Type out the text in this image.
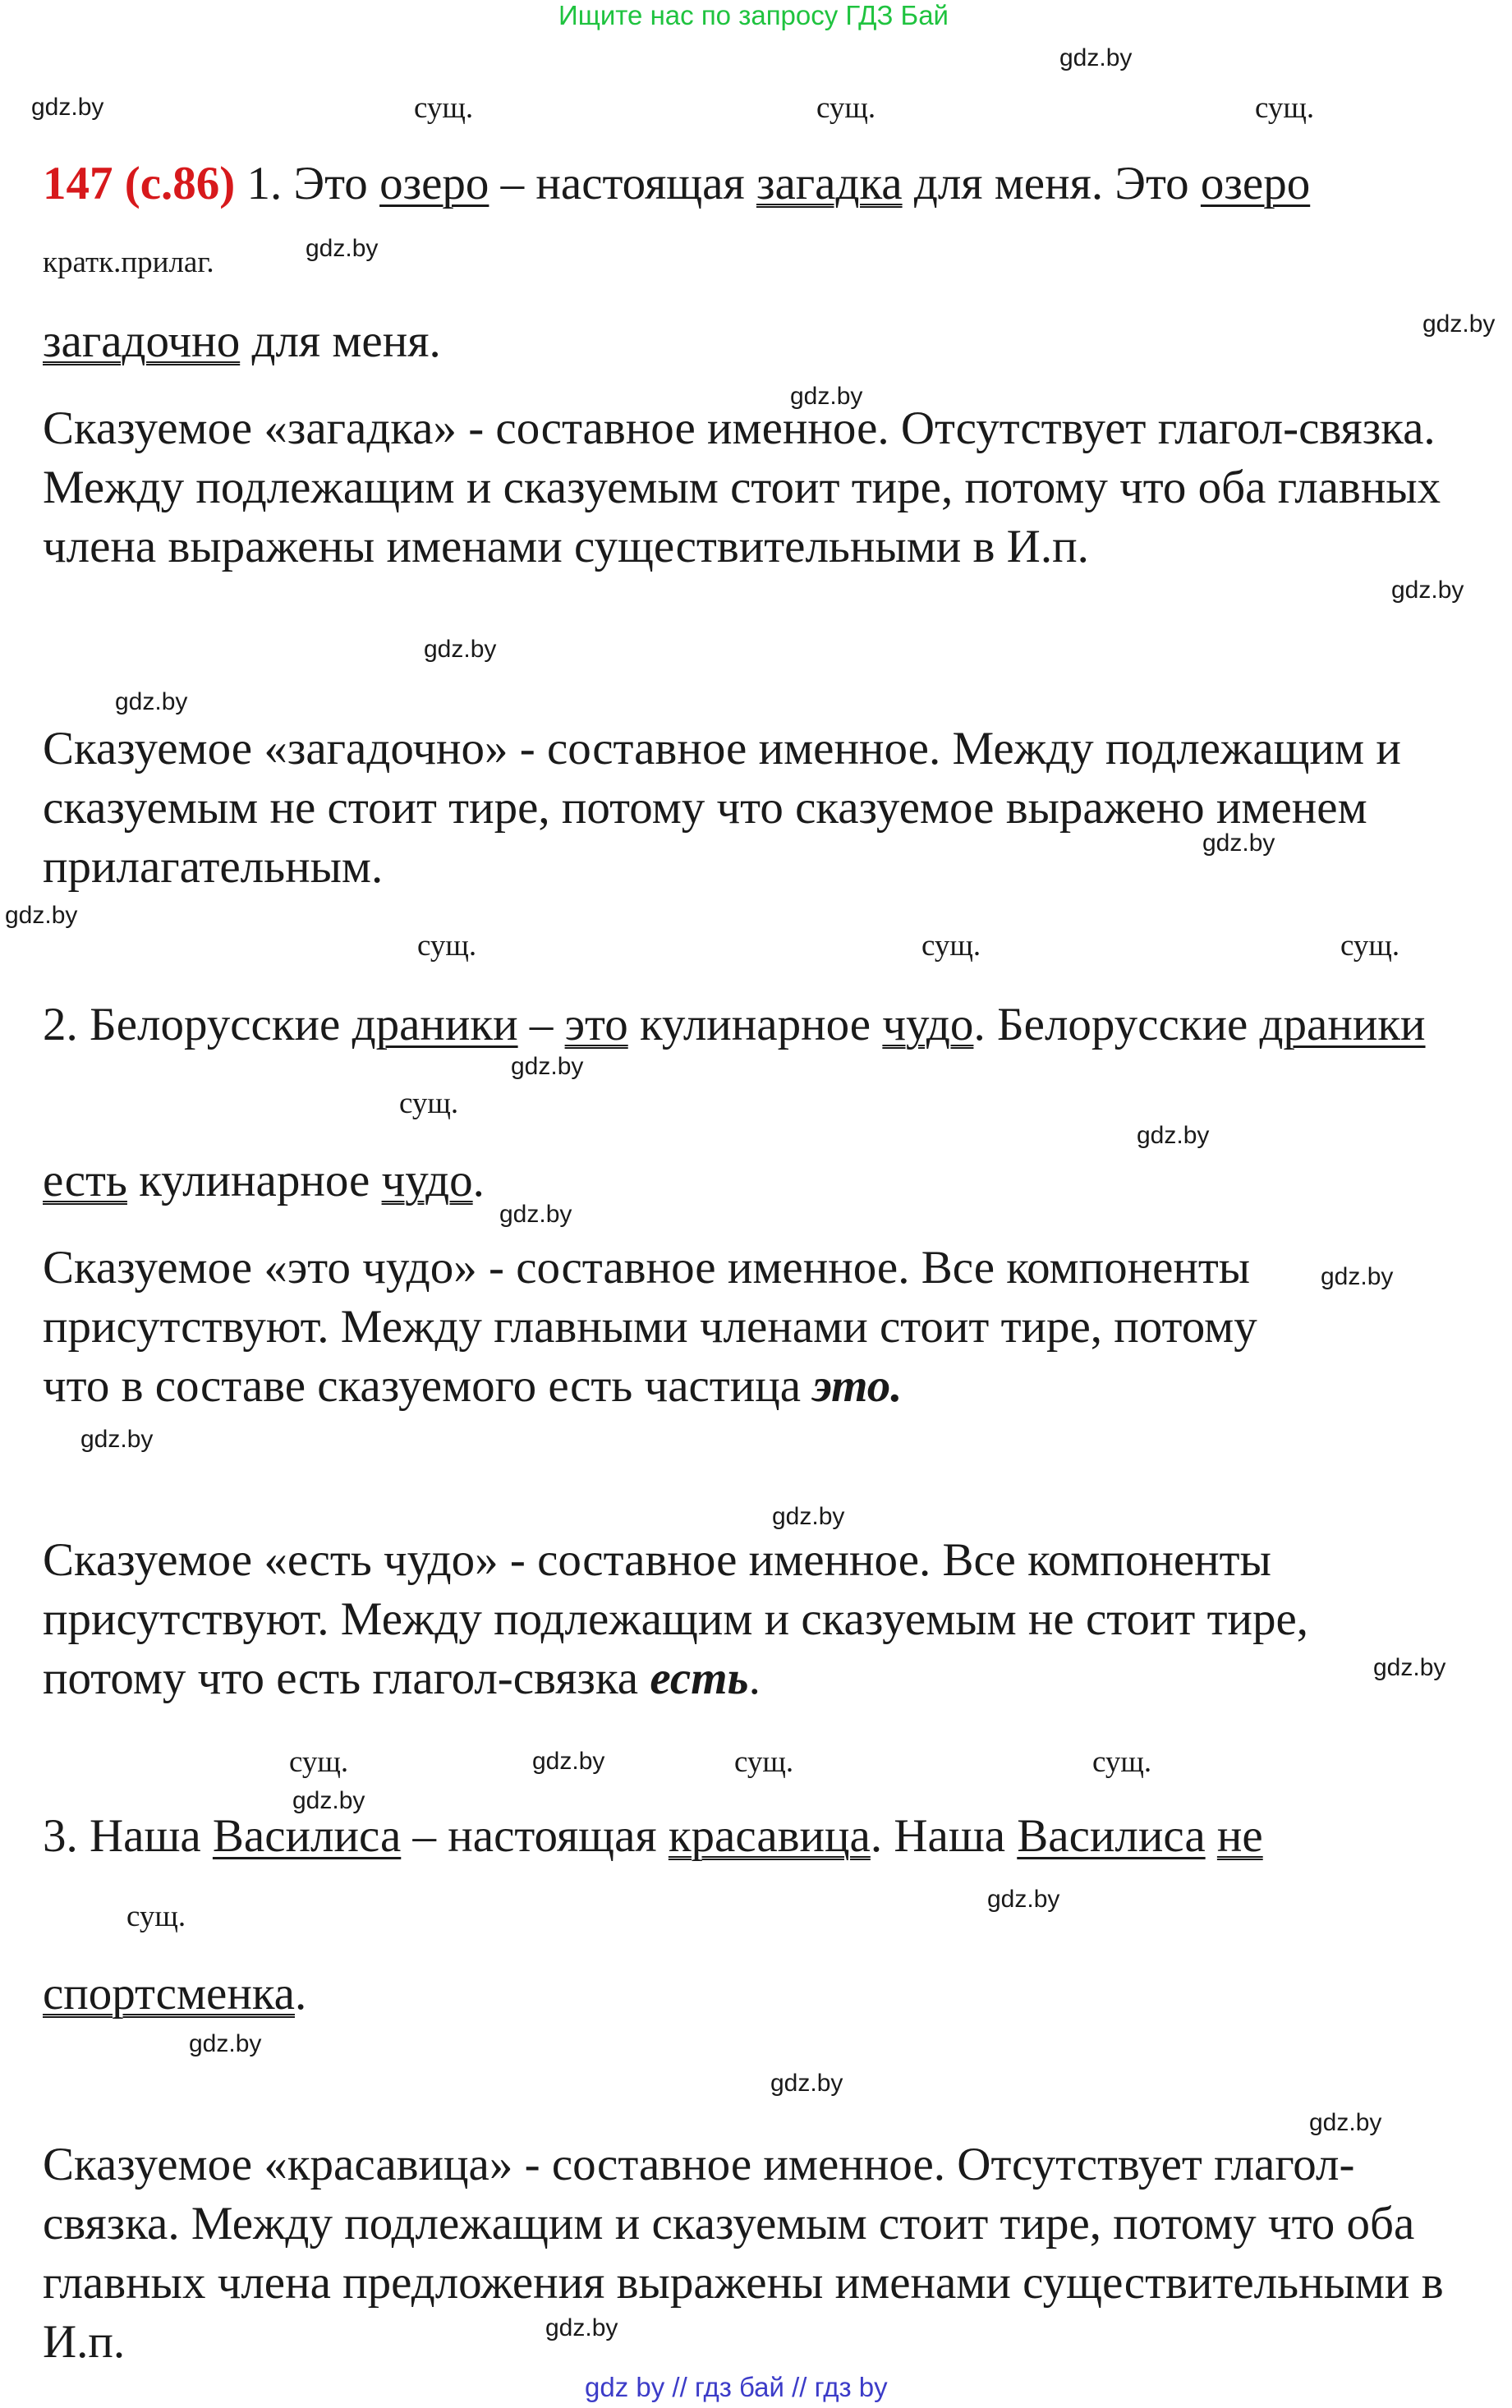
Ищите нас по запросу ГДЗ Бай
gdz.by
gdz.by
gdz.by
gdz.by
gdz.by
gdz.by
gdz.by
gdz.by
gdz.by
gdz.by
gdz.by
gdz.by
gdz.by
gdz.by
gdz.by
gdz.by
gdz.by
gdz.by
gdz.by
gdz.by
gdz.by
gdz.by
gdz.by
gdz.by
сущ.	сущ.	сущ.
147 (с.86) 1. Это озеро – настоящая загадка для меня. Это озеро
кратк.прилаг.
загадочно для меня.
Сказуемое «загадка» - составное именное. Отсутствует глагол-связка. Между подлежащим и сказуемым стоит тире, потому что оба главных члена выражены именами существительными в И.п.
Сказуемое «загадочно» - составное именное. Между подлежащим и сказуемым не стоит тире, потому что сказуемое выражено именем прилагательным.
сущ.	сущ.	сущ.
2. Белорусские драники – это кулинарное чудо. Белорусские драники
сущ.
есть кулинарное чудо.
Сказуемое «это чудо» - составное именное. Все компоненты присутствуют. Между главными членами стоит тире, потому что в составе сказуемого есть частица это.
Сказуемое «есть чудо» - составное именное. Все компоненты присутствуют. Между подлежащим и сказуемым не стоит тире, потому что есть глагол-связка есть.
сущ.	сущ.	сущ.
3. Наша Василиса – настоящая красавица. Наша Василиса не
сущ.
спортсменка.
Сказуемое «красавица» - составное именное. Отсутствует глагол-связка. Между подлежащим и сказуемым стоит тире, потому что оба главных члена предложения выражены именами существительными в И.п.
gdz by // гдз бай // гдз by
